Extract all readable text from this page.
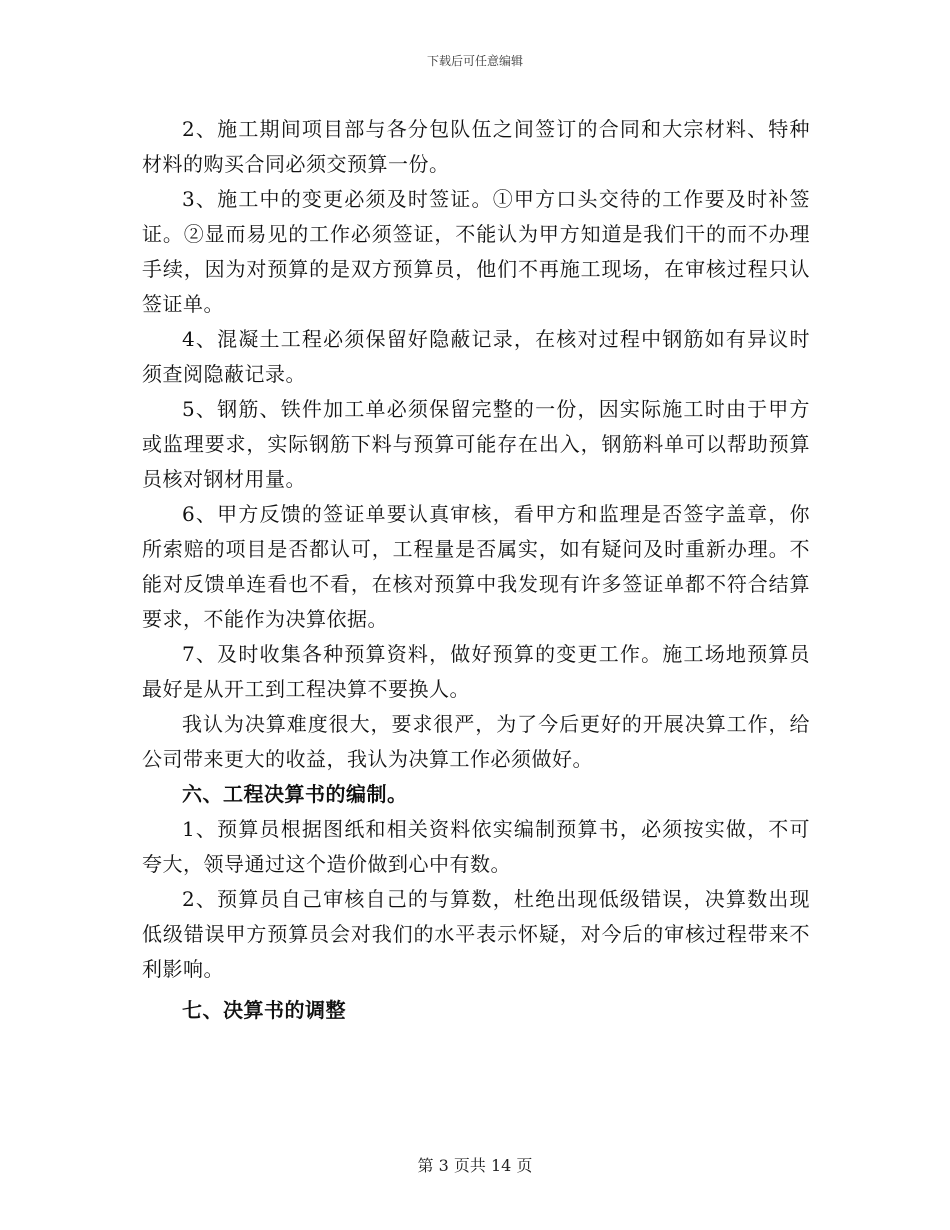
下载后可任意编辑

2、施工期间项目部与各分包队伍之间签订的合同和大宗材料、特种材料的购买合同必须交预算一份。

3、施工中的变更必须及时签证。①甲方口头交待的工作要及时补签证。②显而易见的工作必须签证，不能认为甲方知道是我们干的而不办理手续，因为对预算的是双方预算员，他们不再施工现场，在审核过程只认签证单。

4、混凝土工程必须保留好隐蔽记录，在核对过程中钢筋如有异议时须查阅隐蔽记录。

5、钢筋、铁件加工单必须保留完整的一份，因实际施工时由于甲方或监理要求，实际钢筋下料与预算可能存在出入，钢筋料单可以帮助预算员核对钢材用量。

6、甲方反馈的签证单要认真审核，看甲方和监理是否签字盖章，你所索赔的项目是否都认可，工程量是否属实，如有疑问及时重新办理。不能对反馈单连看也不看，在核对预算中我发现有许多签证单都不符合结算要求，不能作为决算依据。

7、及时收集各种预算资料，做好预算的变更工作。施工场地预算员最好是从开工到工程决算不要换人。

我认为决算难度很大，要求很严，为了今后更好的开展决算工作，给公司带来更大的收益，我认为决算工作必须做好。

六、工程决算书的编制。

1、预算员根据图纸和相关资料依实编制预算书，必须按实做，不可夸大，领导通过这个造价做到心中有数。

2、预算员自己审核自己的与算数，杜绝出现低级错误，决算数出现低级错误甲方预算员会对我们的水平表示怀疑，对今后的审核过程带来不利影响。

七、决算书的调整

第 3 页共 14 页
